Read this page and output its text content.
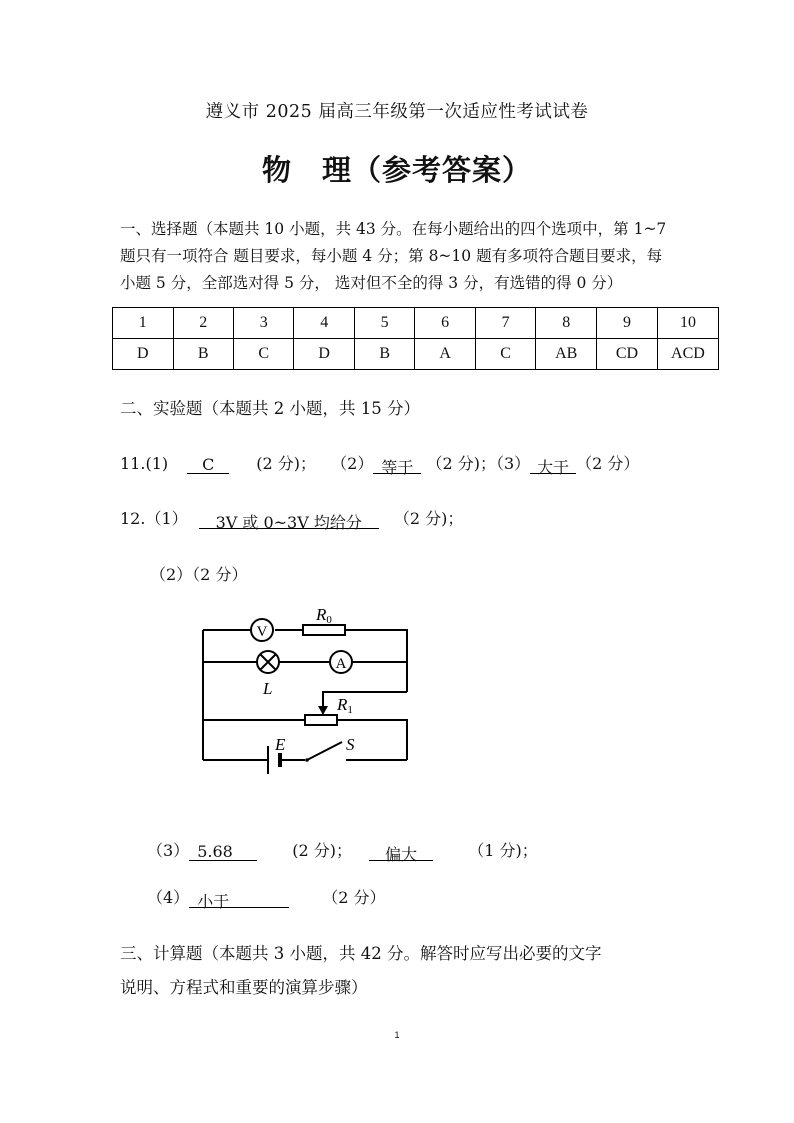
遵义市 2025 届高三年级第一次适应性考试试卷
物　理（参考答案）
一、选择题（本题共 10 小题，共 43 分。在每小题给出的四个选项中，第 1~7
题只有一项符合 题目要求，每小题 4 分；第 8~10 题有多项符合题目要求，每
小题 5 分，全部选对得 5 分， 选对但不全的得 3 分，有选错的得 0 分）
1	2	3	4	5	6	7	8	9	10
D	B	C	D	B	A	C	AB	CD	ACD
二、实验题（本题共 2 小题，共 15 分）
11.(1) C	(2 分)； （2） 等于 （2 分)；（3） 大于 （2 分）
12.（1） 3V 或 0~3V 均给分 （2 分)；
（2）（2 分）
V
R0
L
A
R1
E	S
（3） 5.68	(2 分)； 偏大	（1 分)；
（4） 小于	（2 分）
三、计算题（本题共 3 小题，共 42 分。解答时应写出必要的文字
说明、方程式和重要的演算步骤）
1
